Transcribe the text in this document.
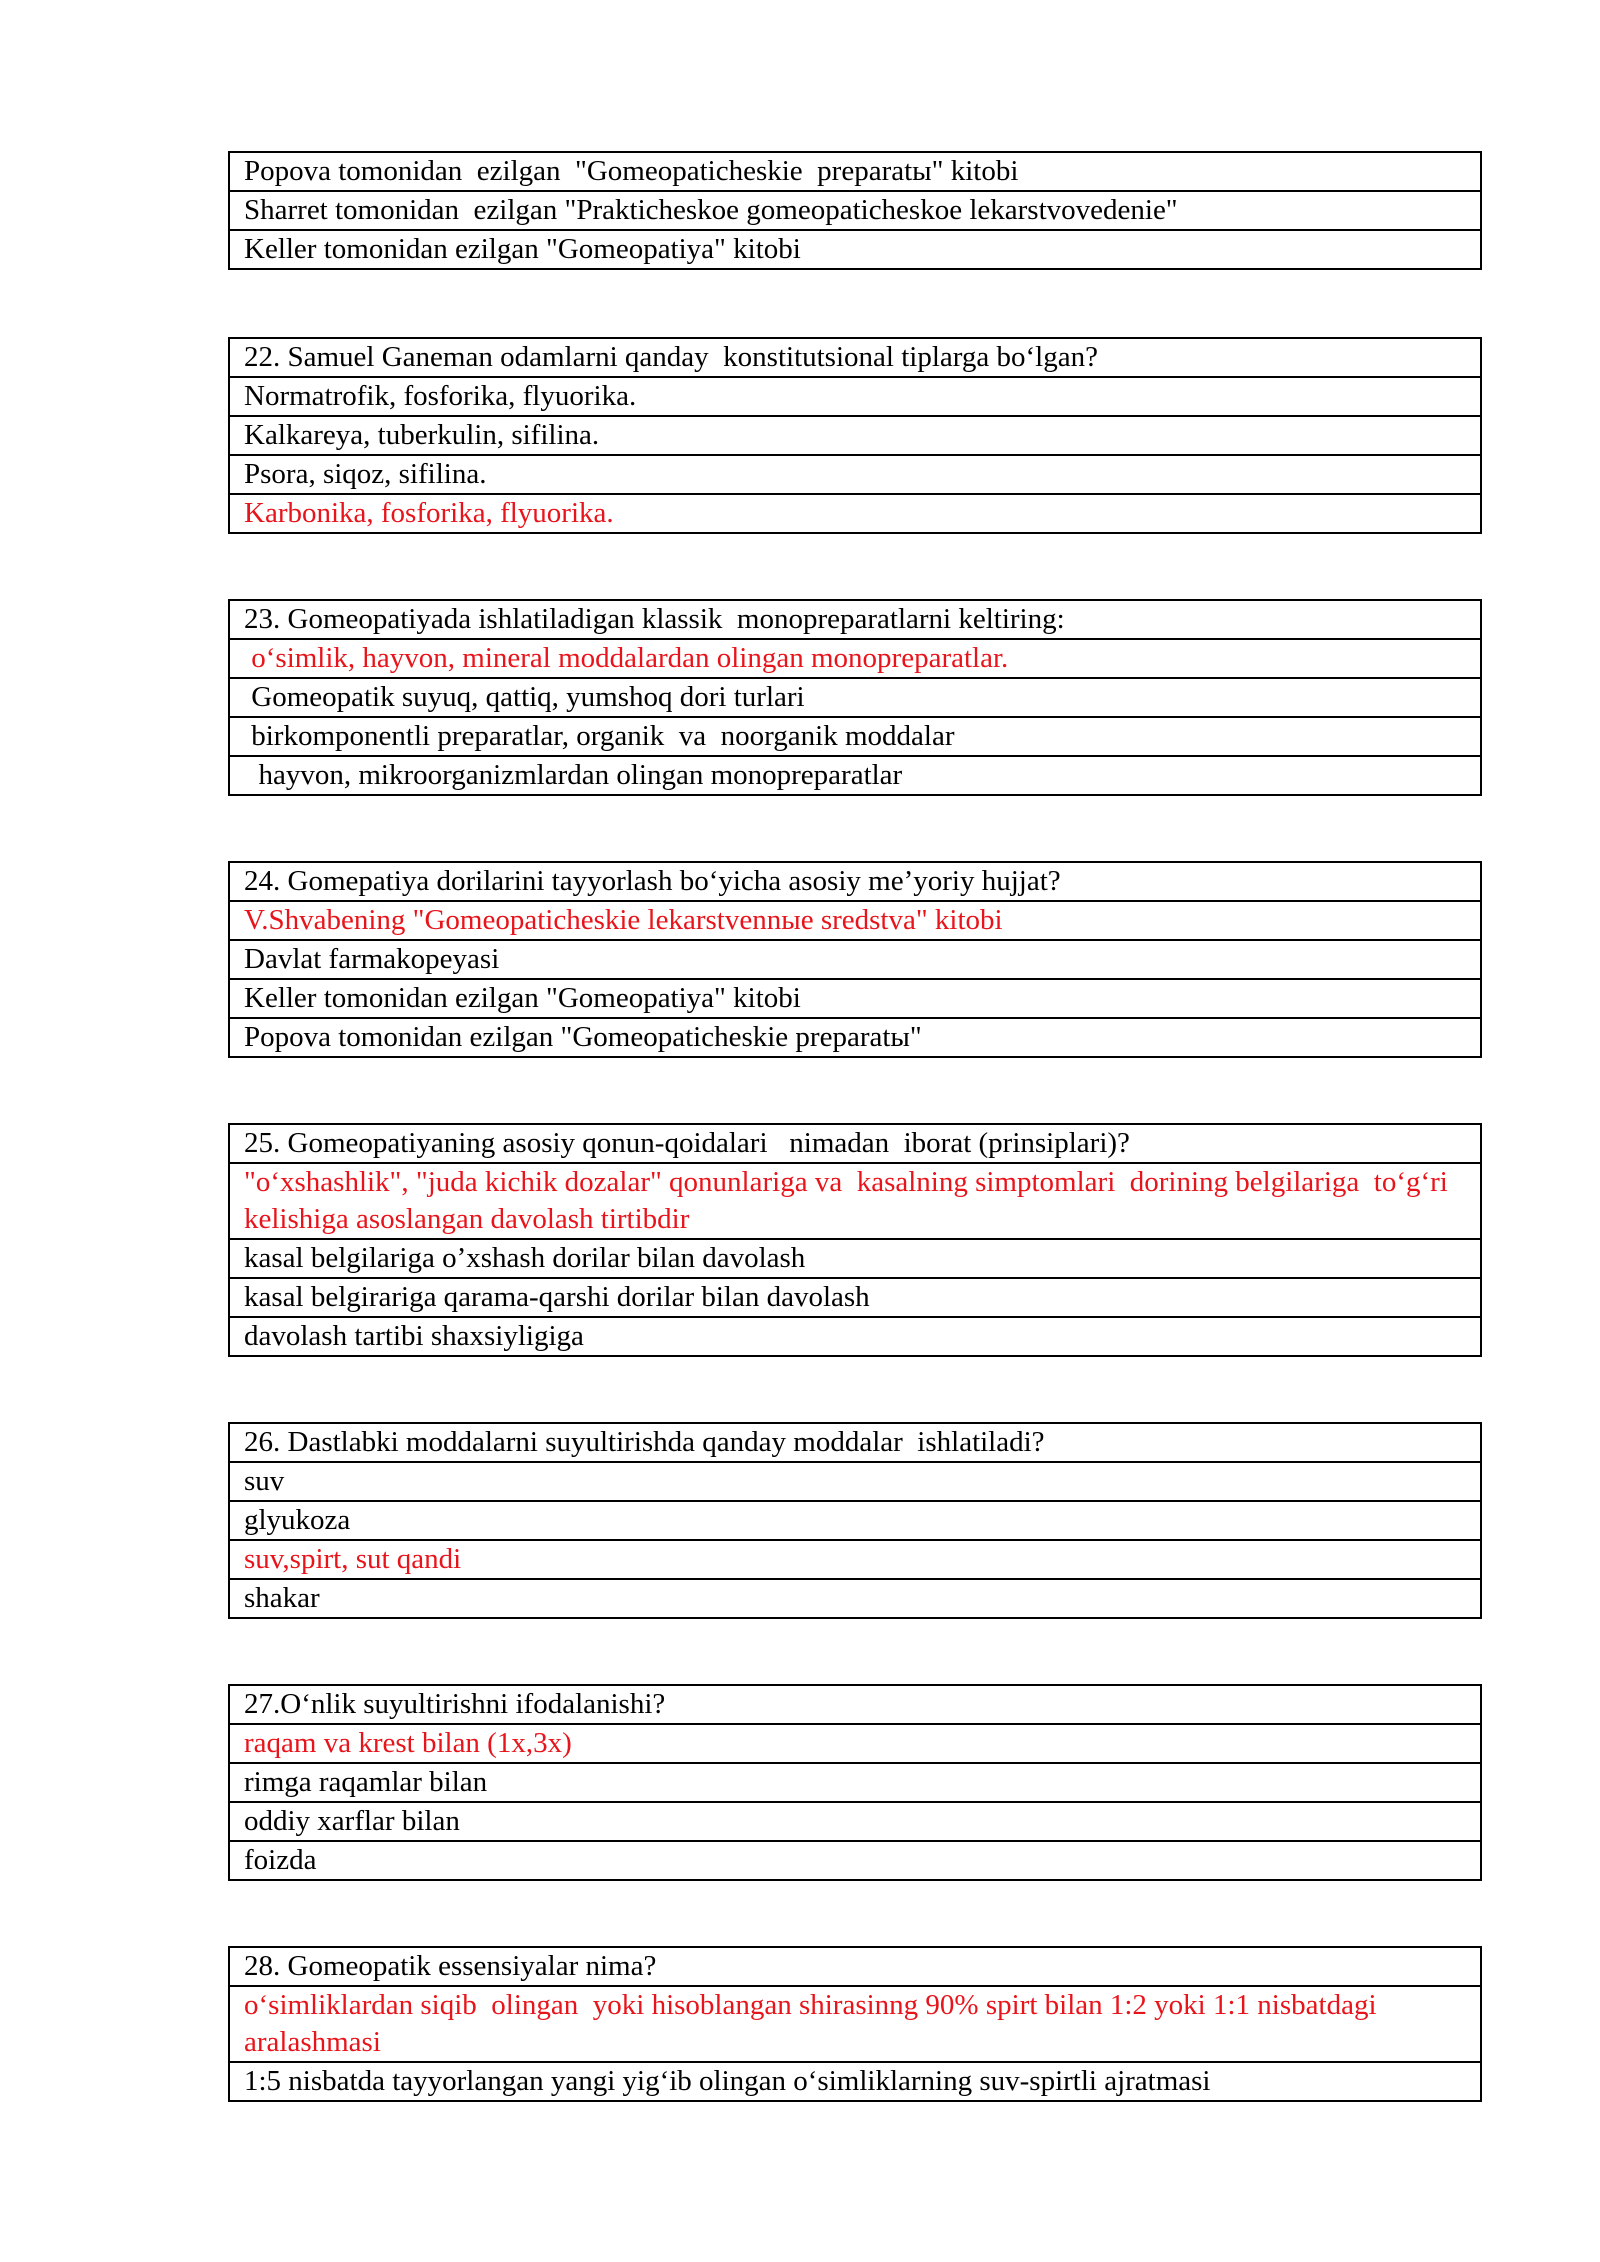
Popova tomonidan  ezilgan  "Gomeopaticheskie  preparatы" kitobi
Sharret tomonidan  ezilgan "Prakticheskoe gomeopaticheskoe lekarstvovedenie"
Keller tomonidan ezilgan "Gomeopatiya" kitobi
22. Samuel Ganeman odamlarni qanday  konstitutsional tiplarga bo‘lgan?
Normatrofik, fosforika, flyuorika.
Kalkareya, tuberkulin, sifilina.
Psora, siqoz, sifilina.
Karbonika, fosforika, flyuorika.
23. Gomeopatiyada ishlatiladigan klassik  monopreparatlarni keltiring:
o‘simlik, hayvon, mineral moddalardan olingan monopreparatlar.
Gomeopatik suyuq, qattiq, yumshoq dori turlari
birkomponentli preparatlar, organik  va  noorganik moddalar
hayvon, mikroorganizmlardan olingan monopreparatlar
24. Gomepatiya dorilarini tayyorlash bo‘yicha asosiy me’yoriy hujjat?
V.Shvabening "Gomeopaticheskie lekarstvennые sredstva" kitobi
Davlat farmakopeyasi
Keller tomonidan ezilgan "Gomeopatiya" kitobi
Popova tomonidan ezilgan "Gomeopaticheskie preparatы"
25. Gomeopatiyaning asosiy qonun-qoidalari   nimadan  iborat (prinsiplari)?
"o‘xshashlik", "juda kichik dozalar" qonunlariga va  kasalning simptomlari  dorining belgilariga  to‘g‘ri kelishiga asoslangan davolash tirtibdir
kasal belgilariga o’xshash dorilar bilan davolash
kasal belgirariga qarama-qarshi dorilar bilan davolash
davolash tartibi shaxsiyligiga
26. Dastlabki moddalarni suyultirishda qanday moddalar  ishlatiladi?
suv
glyukoza
suv,spirt, sut qandi
shakar
27.O‘nlik suyultirishni ifodalanishi?
raqam va krest bilan (1x,3x)
rimga raqamlar bilan
oddiy xarflar bilan
foizda
28. Gomeopatik essensiyalar nima?
o‘simliklardan siqib  olingan  yoki hisoblangan shirasinng 90% spirt bilan 1:2 yoki 1:1 nisbatdagi aralashmasi
1:5 nisbatda tayyorlangan yangi yig‘ib olingan o‘simliklarning suv-spirtli ajratmasi
